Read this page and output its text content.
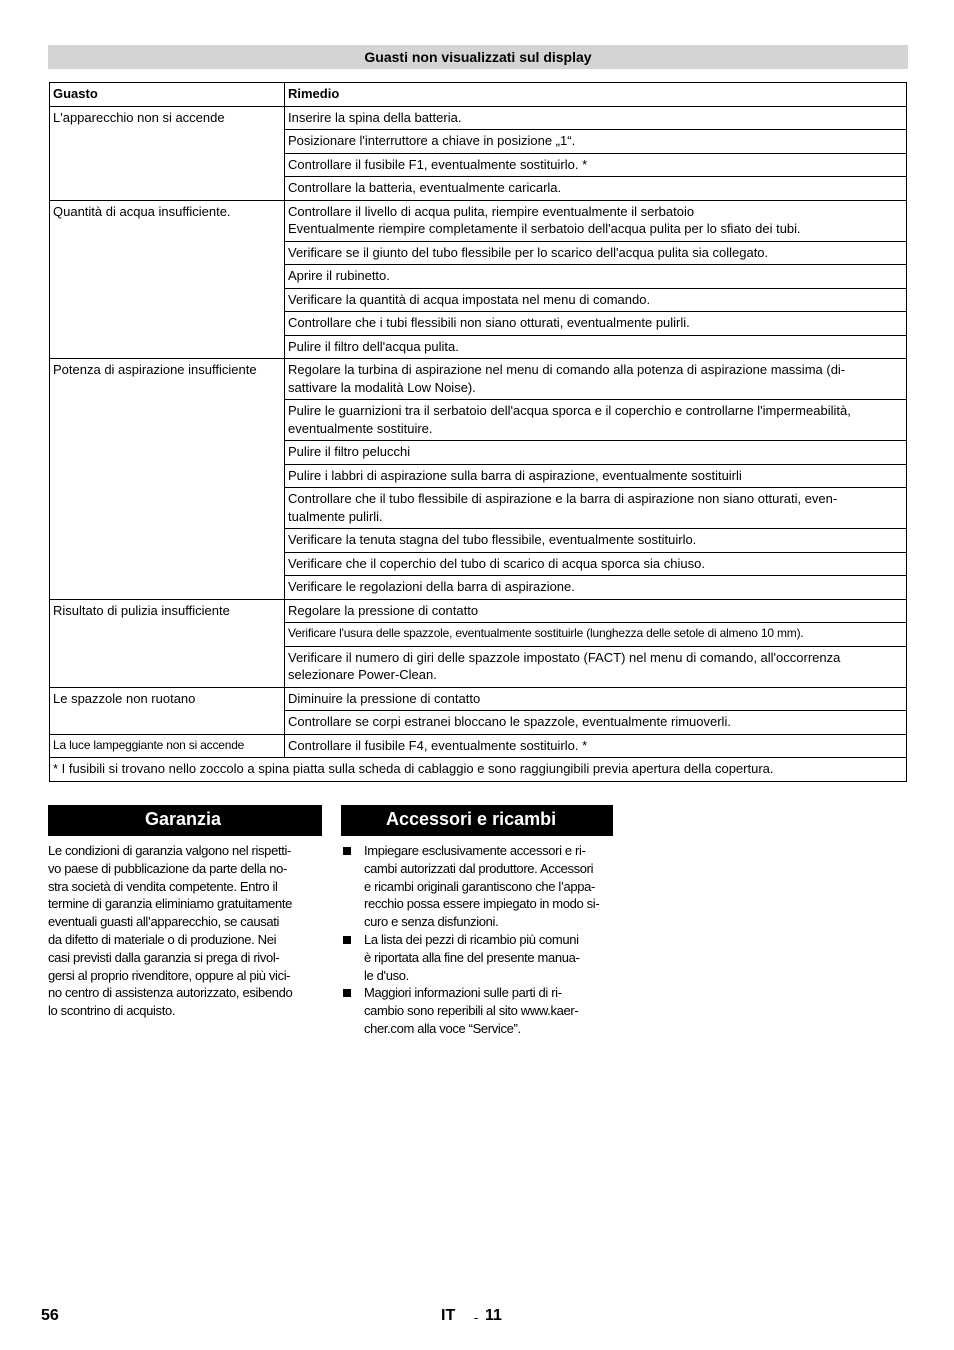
Guasti non visualizzati sul display
Guasto	Rimedio
L'apparecchio non si accende	Inserire la spina della batteria.
	Posizionare l'interruttore a chiave in posizione „1“.
	Controllare il fusibile F1, eventualmente sostituirlo. *
	Controllare la batteria, eventualmente caricarla.
Quantità di acqua insufficiente.	Controllare il livello di acqua pulita, riempire eventualmente il serbatoio
Eventualmente riempire completamente il serbatoio dell'acqua pulita per lo sfiato dei tubi.
	Verificare se il giunto del tubo flessibile per lo scarico dell'acqua pulita sia collegato.
	Aprire il rubinetto.
	Verificare la quantità di acqua impostata nel menu di comando.
	Controllare che i tubi flessibili non siano otturati, eventualmente pulirli.
	Pulire il filtro dell'acqua pulita.
Potenza di aspirazione insufficiente	Regolare la turbina di aspirazione nel menu di comando alla potenza di aspirazione massima (di-
sattivare la modalità Low Noise).
	Pulire le guarnizioni tra il serbatoio dell'acqua sporca e il coperchio e controllarne l'impermeabilità,
eventualmente sostituire.
	Pulire il filtro pelucchi
	Pulire i labbri di aspirazione sulla barra di aspirazione, eventualmente sostituirli
	Controllare che il tubo flessibile di aspirazione e la barra di aspirazione non siano otturati, even-
tualmente pulirli.
	Verificare la tenuta stagna del tubo flessibile, eventualmente sostituirlo.
	Verificare che il coperchio del tubo di scarico di acqua sporca sia chiuso.
	Verificare le regolazioni della barra di aspirazione.
Risultato di pulizia insufficiente	Regolare la pressione di contatto
	Verificare l'usura delle spazzole, eventualmente sostituirle (lunghezza delle setole di almeno 10 mm).
	Verificare il numero di giri delle spazzole impostato (FACT) nel menu di comando, all'occorrenza
selezionare Power-Clean.
Le spazzole non ruotano	Diminuire la pressione di contatto
	Controllare se corpi estranei bloccano le spazzole, eventualmente rimuoverli.
La luce lampeggiante non si accende	Controllare il fusibile F4, eventualmente sostituirlo. *
* I fusibili si trovano nello zoccolo a spina piatta sulla scheda di cablaggio e sono raggiungibili previa apertura della copertura.	
Garanzia
Le condizioni di garanzia valgono nel rispetti-
vo paese di pubblicazione da parte della no-
stra società di vendita competente. Entro il
termine di garanzia eliminiamo gratuitamente
eventuali guasti all’apparecchio, se causati
da difetto di materiale o di produzione. Nei
casi previsti dalla garanzia si prega di rivol-
gersi al proprio rivenditore, oppure al più vici-
no centro di assistenza autorizzato, esibendo
lo scontrino di acquisto.
Accessori e ricambi
Impiegare esclusivamente accessori e ri-
cambi autorizzati dal produttore. Accessori
e ricambi originali garantiscono che l’appa-
recchio possa essere impiegato in modo si-
curo e senza disfunzioni.
La lista dei pezzi di ricambio più comuni
è riportata alla fine del presente manua-
le d'uso.
Maggiori informazioni sulle parti di ri-
cambio sono reperibili al sito www.kaer-
cher.com alla voce “Service”.
56	IT - 11
